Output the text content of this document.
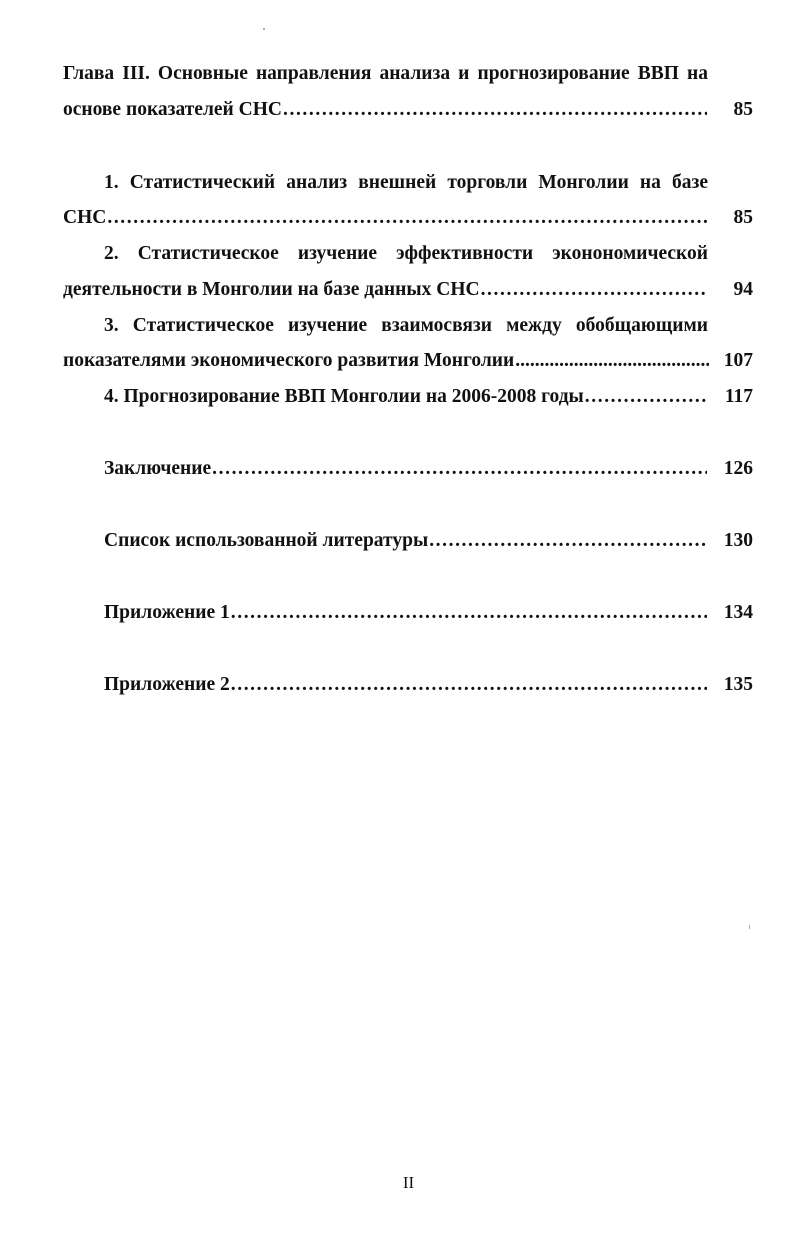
Глава III. Основные направления анализа и прогнозирование ВВП на
основе показателей СНС .....	85
1. Статистический анализ внешней торговли Монголии на базе
СНС .....	85
2. Статистическое изучение эффективности эконономической
деятельности в Монголии на базе данных СНС .....	94
3. Статистическое изучение взаимосвязи между обобщающими
показателями экономического развития Монголии .....	107
4. Прогнозирование ВВП Монголии на 2006-2008 годы .....	117
Заключение .....	126
Список использованной литературы .....	130
Приложение 1 .....	134
Приложение 2 .....	135
II
